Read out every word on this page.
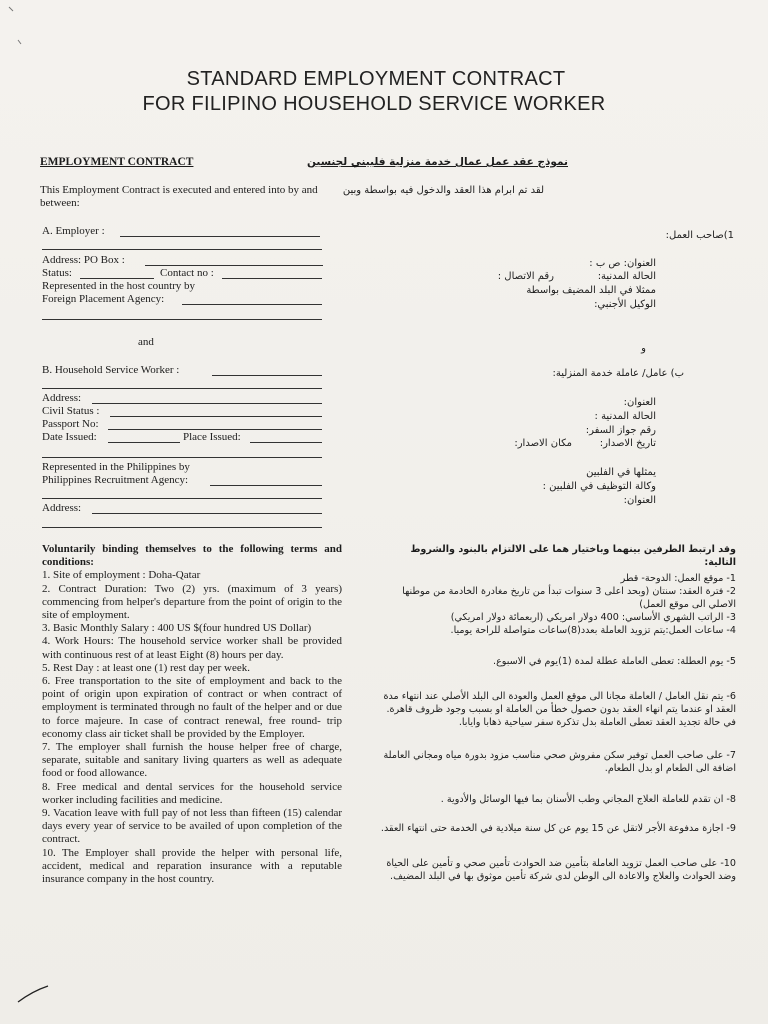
STANDARD EMPLOYMENT CONTRACT
FOR FILIPINO HOUSEHOLD SERVICE WORKER
EMPLOYMENT CONTRACT
This Employment Contract is executed and entered into by and
between:
A. Employer :
Address: PO Box :
Status:	Contact no :
Represented in the host country by
Foreign Placement Agency:
and
B. Household Service Worker :
Address:
Civil Status :
Passport No:
Date Issued:	Place Issued:
Represented in the Philippines by
Philippines Recruitment Agency:
Address:

Voluntarily binding themselves to the following terms and conditions:

1. Site of employment : Doha-Qatar

2. Contract Duration: Two (2) yrs. (maximum of 3 years) commencing from helper's departure from the point of origin to the site of employment.

3. Basic Monthly Salary : 400 US $(four hundred US Dollar)

4. Work Hours: The household service worker shall be provided with continuous rest of at least Eight (8) hours per day.

5. Rest Day : at least one (1) rest day per week.

6. Free transportation to the site of employment and back to the point of origin upon expiration of contract or when contract of employment is terminated through no fault of the helper and or due to force majeure. In case of contract renewal, free round- trip economy class air ticket shall be provided by the Employer.

7. The employer shall furnish the house helper free of charge, separate, suitable and sanitary living quarters as well as adequate food or food allowance.

8. Free medical and dental services for the household service worker including facilities and medicine.

9. Vacation leave with full pay of not less than fifteen (15) calendar days every year of service to be availed of upon completion of the contract.

10. The Employer shall provide the helper with personal life, accident, medical and reparation insurance with a reputable insurance company in the host country.

نموذج عقد عمل عمال خدمة منزلية فلبيني لجنسين
لقد تم ابرام هذا العقد والدخول فيه بواسطة وبين
1)صاحب العمل:
العنوان: ص ب :
الحالة المدنية:
رقم الاتصال :
ممثلا في البلد المضيف بواسطة
الوكيل الأجنبي:
و
ب) عامل/ عاملة خدمة المنزلية:
العنوان:
الحالة المدنية :
رقم جواز السفر:
تاريخ الاصدار:
مكان الاصدار:
يمثلها في الفلبين
وكالة التوظيف في الفلبين :
العنوان:

وقد ارتبط الطرفين بينهما وباختيار هما على الالتزام بالبنود والشروط التالية:

1- موقع العمل: الدوحة- قطر

2- فترة العقد: سنتان (وبحد اعلى 3 سنوات تبدأ من تاريخ مغادرة الخادمة من موطنها الاصلي الى موقع العمل)

3- الراتب الشهري الأساسي: 400 دولار امريكي (اربعمائة دولار امريكي)

4- ساعات العمل:يتم تزويد العاملة بعدد(8)ساعات متواصلة للراحة يوميا.

5- يوم العطلة: تعطى العاملة عطلة لمدة (1)يوم في الاسبوع.

6- يتم نقل العامل / العاملة مجانا الى موقع العمل والعودة الى البلد الأصلي عند انتهاء مدة العقد او عندما يتم انهاء العقد بدون حصول خطأ من العاملة او بسبب وجود ظروف قاهرة. في حالة تجديد العقد تعطى العاملة بدل تذكرة سفر سياحية ذهابا وايابا.

7- على صاحب العمل توفير سكن مفروش صحي مناسب مزود بدورة مياه ومجاني العاملة اضافة الى الطعام او بدل الطعام.

8- ان تقدم للعاملة العلاج المجاني وطب الأسنان بما فيها الوسائل والأدوية .

9- اجازة مدفوعة الأجر لاتقل عن 15 يوم عن كل سنة ميلادية في الخدمة حتى انتهاء العقد.

10- على صاحب العمل تزويد العاملة بتأمين ضد الحوادث تأمين صحي و تأمين على الحياة وضد الحوادث والعلاج والاعادة الى الوطن لدى شركة تأمين موثوق بها في البلد المضيف.
